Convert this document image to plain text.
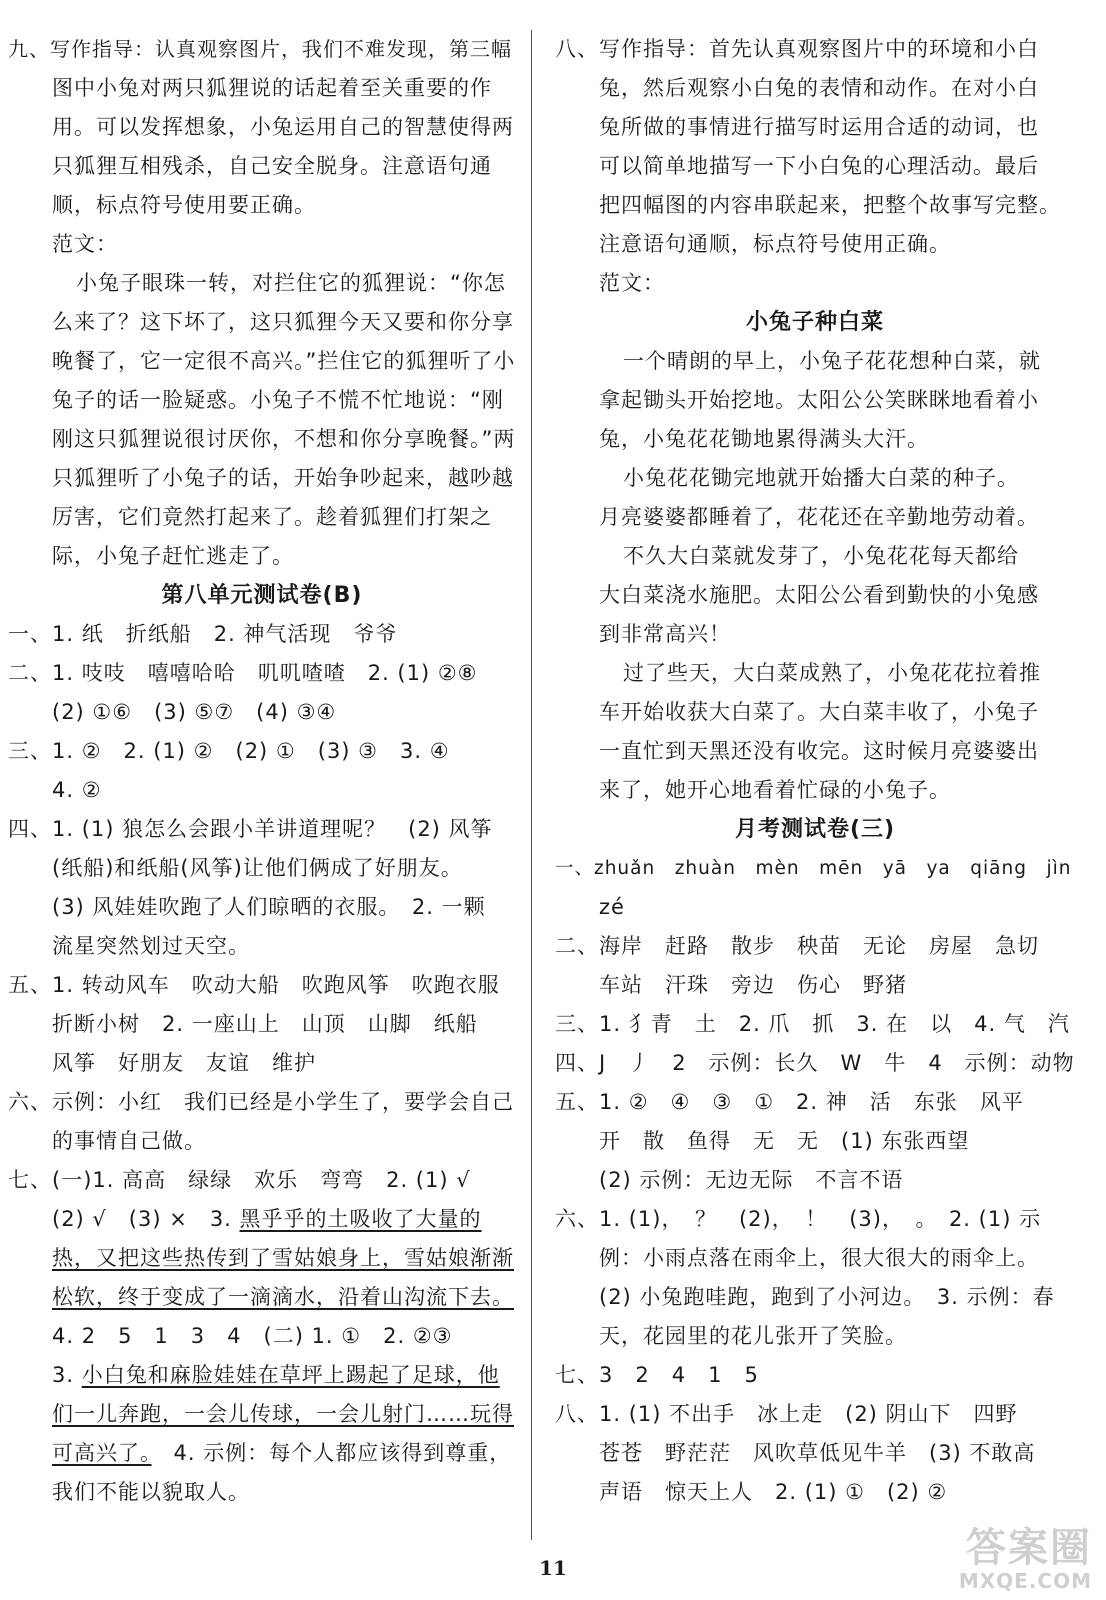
九、写作指导：认真观察图片，我们不难发现，第三幅
图中小兔对两只狐狸说的话起着至关重要的作
用。可以发挥想象，小兔运用自己的智慧使得两
只狐狸互相残杀，自己安全脱身。注意语句通
顺，标点符号使用要正确。
范文：
小兔子眼珠一转，对拦住它的狐狸说：“你怎
么来了？这下坏了，这只狐狸今天又要和你分享
晚餐了，它一定很不高兴。”拦住它的狐狸听了小
兔子的话一脸疑惑。小兔子不慌不忙地说：“刚
刚这只狐狸说很讨厌你，不想和你分享晚餐。”两
只狐狸听了小兔子的话，开始争吵起来，越吵越
厉害，它们竟然打起来了。趁着狐狸们打架之
际，小兔子赶忙逃走了。
第八单元测试卷(B)
一、1. 纸　折纸船　2. 神气活现　爷爷
二、1. 吱吱　嘻嘻哈哈　叽叽喳喳　2. (1) ②⑧
(2) ①⑥　(3) ⑤⑦　(4) ③④
三、1. ②　2. (1) ②　(2) ①　(3) ③　3. ④
4. ②
四、1. (1) 狼怎么会跟小羊讲道理呢？　(2) 风筝
(纸船)和纸船(风筝)让他们俩成了好朋友。
(3) 风娃娃吹跑了人们晾晒的衣服。　2. 一颗
流星突然划过天空。
五、1. 转动风车　吹动大船　吹跑风筝　吹跑衣服
折断小树　2. 一座山上　山顶　山脚　纸船
风筝　好朋友　友谊　维护
六、示例：小红　我们已经是小学生了，要学会自己
的事情自己做。
七、(一)1. 高高　绿绿　欢乐　弯弯　2. (1) √
(2) √　(3) ×　3. 黑乎乎的土吸收了大量的
热，又把这些热传到了雪姑娘身上，雪姑娘渐渐
松软，终于变成了一滴滴水，沿着山沟流下去。
4. 2　5　1　3　4　(二) 1. ①　2. ②③
3. 小白兔和麻脸娃娃在草坪上踢起了足球，他
们一儿奔跑，一会儿传球，一会儿射门……玩得
可高兴了。　4. 示例：每个人都应该得到尊重，
我们不能以貌取人。
八、写作指导：首先认真观察图片中的环境和小白
兔，然后观察小白兔的表情和动作。在对小白
兔所做的事情进行描写时运用合适的动词，也
可以简单地描写一下小白兔的心理活动。最后
把四幅图的内容串联起来，把整个故事写完整。
注意语句通顺，标点符号使用正确。
范文：
小兔子种白菜
一个晴朗的早上，小兔子花花想种白菜，就
拿起锄头开始挖地。太阳公公笑眯眯地看着小
兔，小兔花花锄地累得满头大汗。
小兔花花锄完地就开始播大白菜的种子。
月亮婆婆都睡着了，花花还在辛勤地劳动着。
不久大白菜就发芽了，小兔花花每天都给
大白菜浇水施肥。太阳公公看到勤快的小兔感
到非常高兴！
过了些天，大白菜成熟了，小兔花花拉着推
车开始收获大白菜了。大白菜丰收了，小兔子
一直忙到天黑还没有收完。这时候月亮婆婆出
来了，她开心地看着忙碌的小兔子。
月考测试卷(三)
一、zhuǎn　zhuàn　mèn　mēn　yā　ya　qiāng　jìn
zé
二、海岸　赶路　散步　秧苗　无论　房屋　急切
车站　汗珠　旁边　伤心　野猪
三、1. 犭青　土　2. 爪　抓　3. 在　以　4. 气　汽
四、J　丿　2　示例：长久　W　牛　4　示例：动物
五、1. ②　④　③　①　2. 神　活　东张　风平
开　散　鱼得　无　无　(1) 东张西望
(2) 示例：无边无际　不言不语
六、1. (1)，　？　(2)，　！　(3)，　。　2. (1) 示
例：小雨点落在雨伞上，很大很大的雨伞上。
(2) 小兔跑哇跑，跑到了小河边。　3. 示例：春
天，花园里的花儿张开了笑脸。
七、3　2　4　1　5
八、1. (1) 不出手　冰上走　(2) 阴山下　四野
苍苍　野茫茫　风吹草低见牛羊　(3) 不敢高
声语　惊天上人　2. (1) ①　(2) ②
11	答案圈
MXQE.COM
